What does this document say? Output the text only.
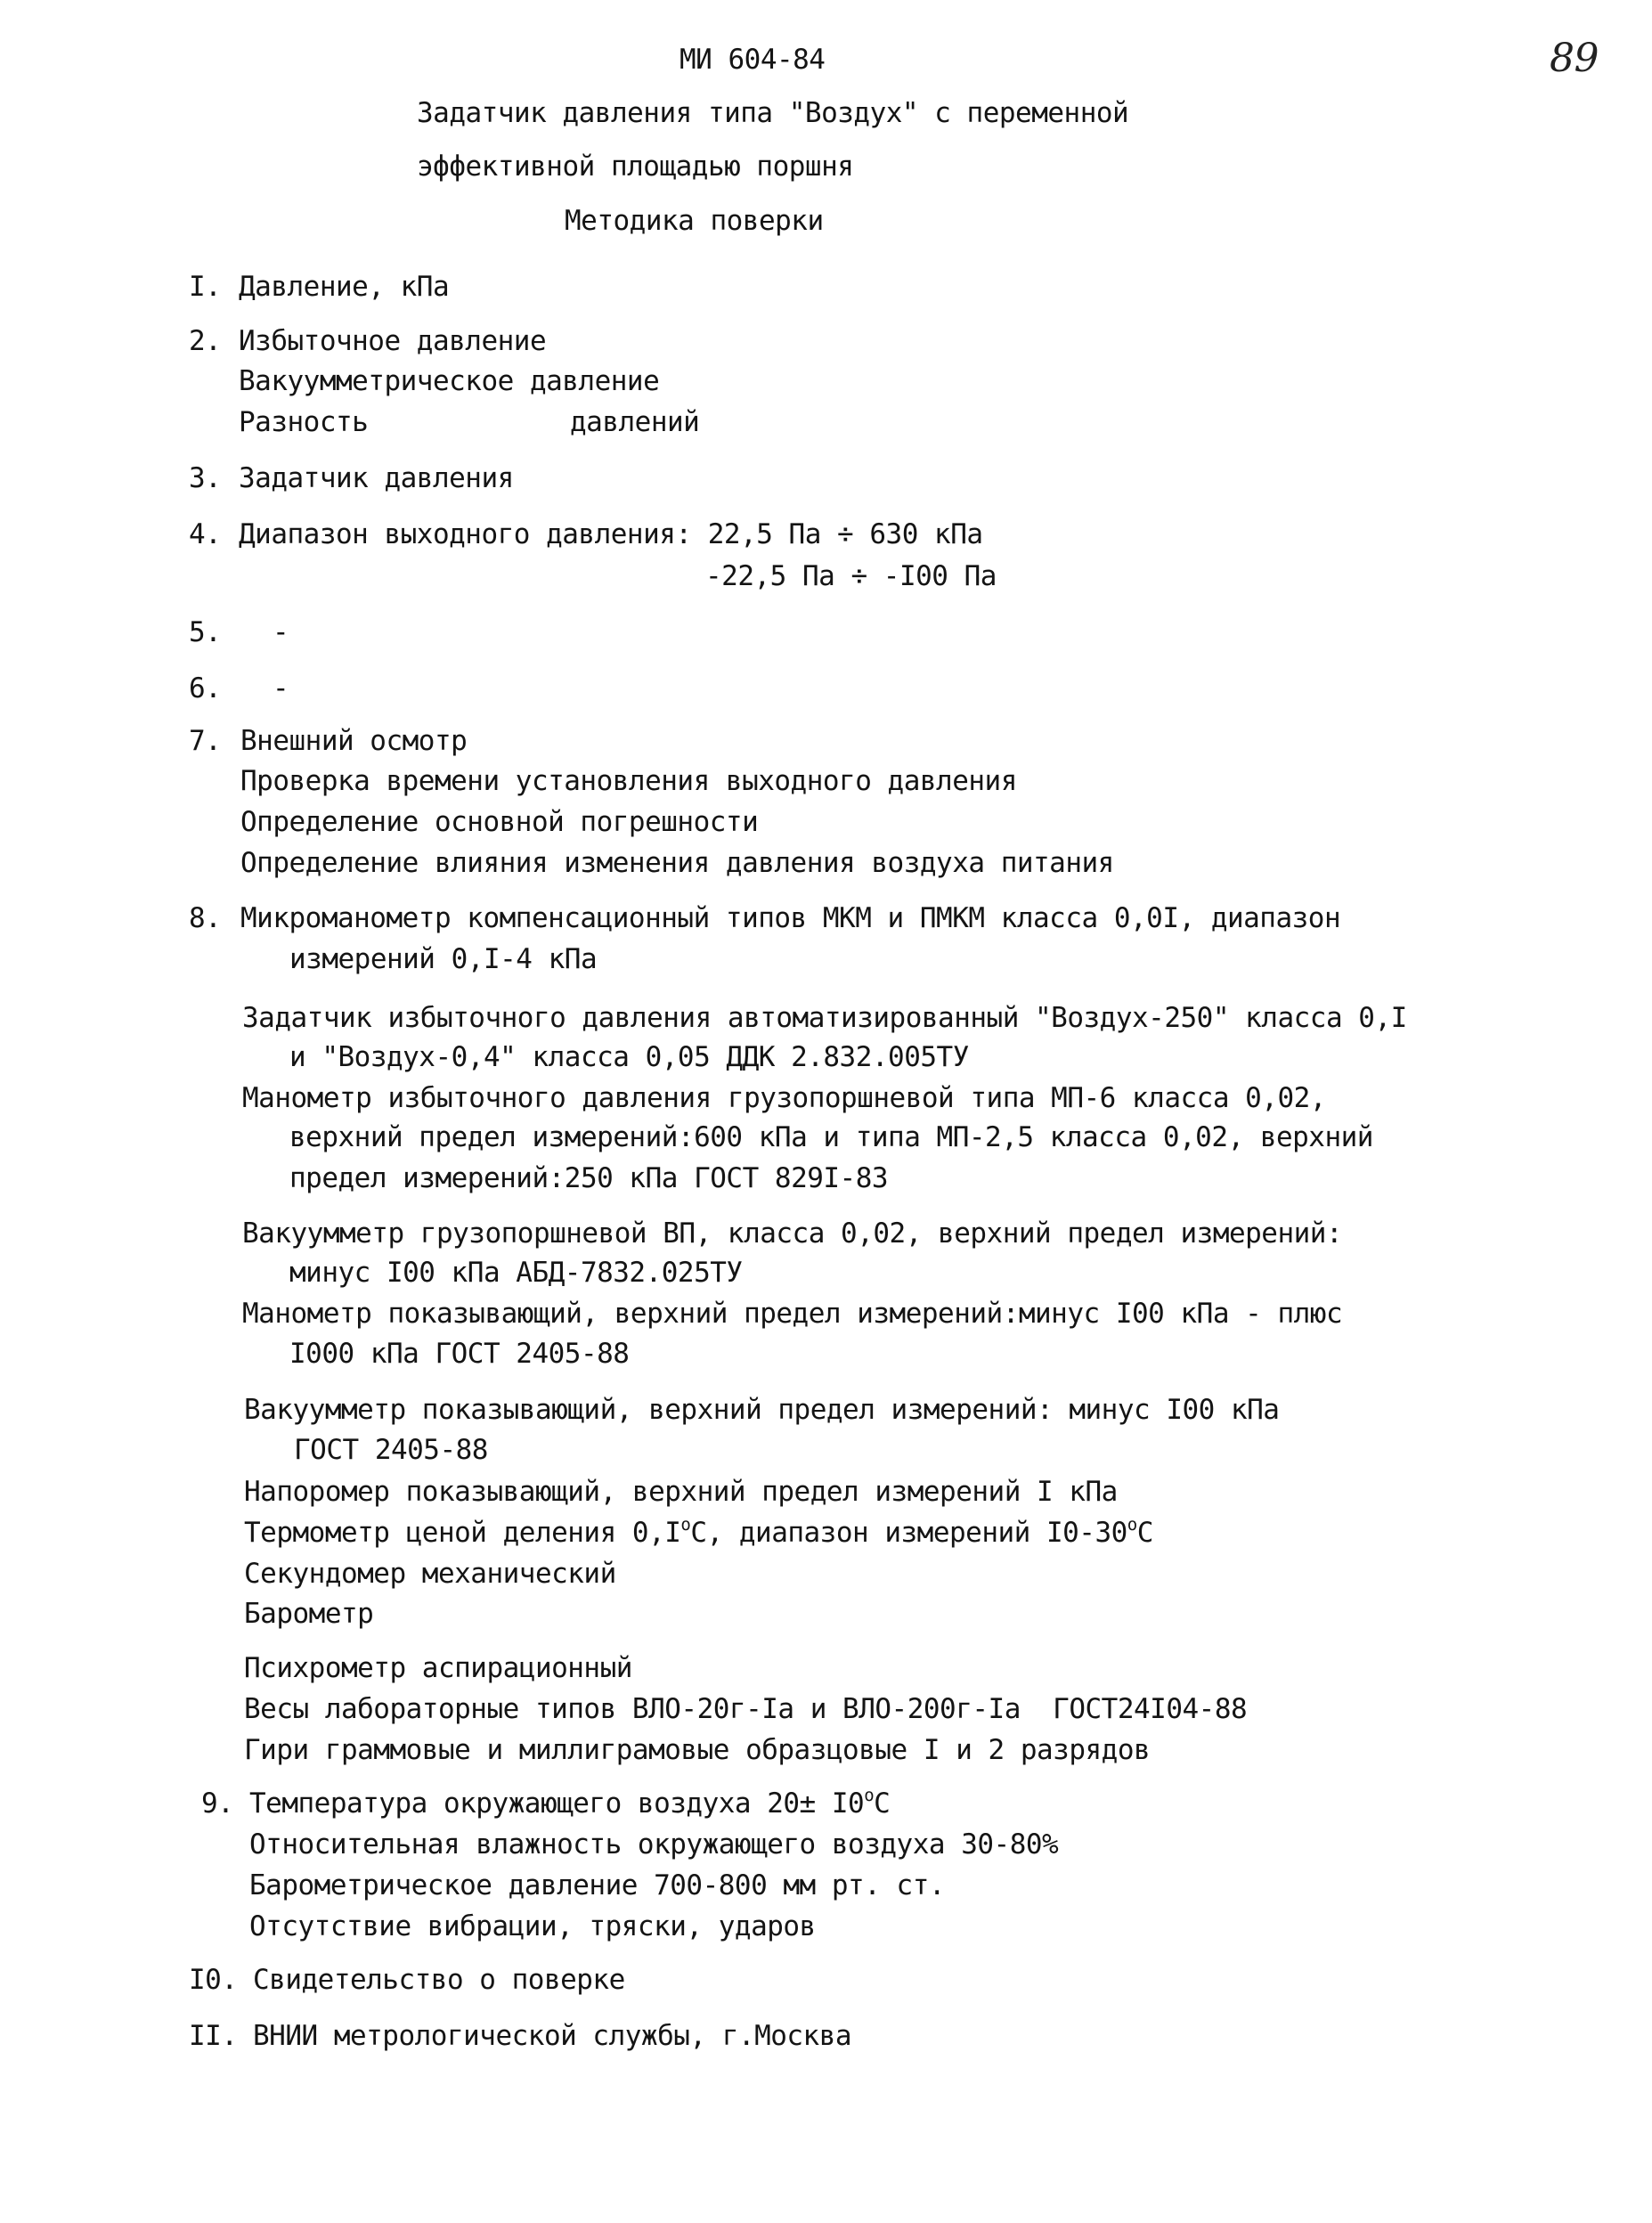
89
МИ 604-84
Задатчик давления типа "Воздух" с переменной
эффективной площадью поршня
Методика поверки
I. Давление, кПа
2. Избыточное давление
Вакуумметрическое давление
Разность	давлений
3. Задатчик давления
4. Диапазон выходного давления: 22,5 Па ÷ 630 кПа
-22,5 Па ÷ -I00 Па
5. -
6. -
7. Внешний осмотр
Проверка времени установления выходного давления
Определение основной погрешности
Определение влияния изменения давления воздуха питания
8. Микроманометр компенсационный типов МКМ и ПМКМ класса 0,0I, диапазон
измерений 0,I-4 кПа
Задатчик избыточного давления автоматизированный "Воздух-250" класса 0,I
и "Воздух-0,4" класса 0,05 ДДК 2.832.005ТУ
Манометр избыточного давления грузопоршневой типа МП-6 класса 0,02,
верхний предел измерений:600 кПа и типа МП-2,5 класса 0,02, верхний
предел измерений:250 кПа ГОСТ 829I-83
Вакуумметр грузопоршневой ВП, класса 0,02, верхний предел измерений:
минус I00 кПа АБД-7832.025ТУ
Манометр показывающий, верхний предел измерений:минус I00 кПа - плюс
I000 кПа ГОСТ 2405-88
Вакуумметр показывающий, верхний предел измерений: минус I00 кПа
ГОСТ 2405-88
Напоромер показывающий, верхний предел измерений I кПа
Термометр ценой деления $0,I^oС$, диапазон измерений I0-30$^o$С
Секундомер механический
Барометр
Психрометр аспирационный
Весы лабораторные типов ВЛО-20г-Iа и ВЛО-200г-Iа  ГОСТ24I04-88
Гири граммовые и миллиграмовые образцовые I и 2 разрядов
9. Температура окружающего воздуха $20\pm I0^oС$
Относительная влажность окружающего воздуха 30-80%
Барометрическое давление 700-800 мм рт. ст.
Отсутствие вибрации, тряски, ударов
I0. Свидетельство о поверке
II. ВНИИ метрологической службы, г.Москва
